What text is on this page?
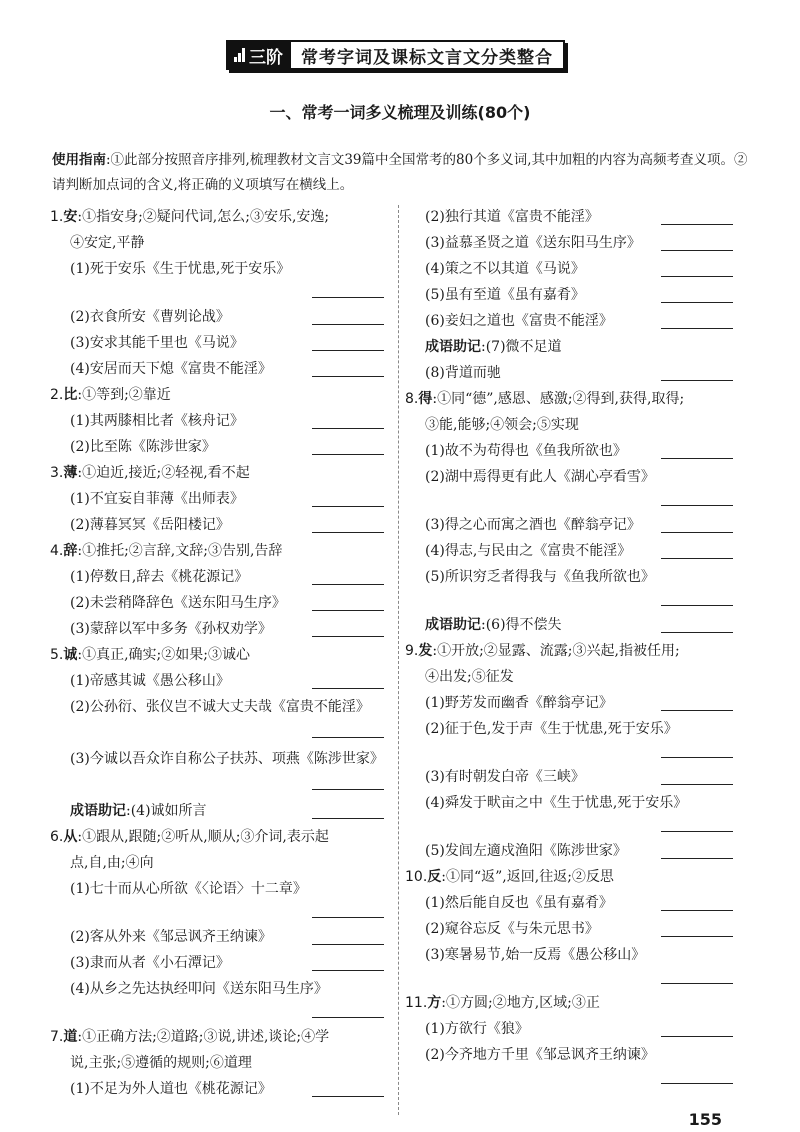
三阶	常考字词及课标文言文分类整合
一、常考一词多义梳理及训练(80个)
使用指南:①此部分按照音序排列,梳理教材文言文39篇中全国常考的80个多义词,其中加粗的内容为高频考查义项。②请判断加点词的含义,将正确的义项填写在横线上。
1.安:①指安身;②疑问代词,怎么;③安乐,安逸;
④安定,平静
(1)死于安乐《生于忧患,死于安乐》
(2)衣食所安《曹刿论战》
(3)安求其能千里也《马说》
(4)安居而天下熄《富贵不能淫》
2.比:①等到;②靠近
(1)其两膝相比者《核舟记》
(2)比至陈《陈涉世家》
3.薄:①迫近,接近;②轻视,看不起
(1)不宜妄自菲薄《出师表》
(2)薄暮冥冥《岳阳楼记》
4.辞:①推托;②言辞,文辞;③告别,告辞
(1)停数日,辞去《桃花源记》
(2)未尝稍降辞色《送东阳马生序》
(3)蒙辞以军中多务《孙权劝学》
5.诚:①真正,确实;②如果;③诚心
(1)帝感其诚《愚公移山》
(2)公孙衍、张仪岂不诚大丈夫哉《富贵不能淫》
(3)今诚以吾众诈自称公子扶苏、项燕《陈涉世家》
成语助记:(4)诚如所言
6.从:①跟从,跟随;②听从,顺从;③介词,表示起
点,自,由;④向
(1)七十而从心所欲《〈论语〉十二章》
(2)客从外来《邹忌讽齐王纳谏》
(3)隶而从者《小石潭记》
(4)从乡之先达执经叩问《送东阳马生序》
7.道:①正确方法;②道路;③说,讲述,谈论;④学
说,主张;⑤遵循的规则;⑥道理
(1)不足为外人道也《桃花源记》
(2)独行其道《富贵不能淫》
(3)益慕圣贤之道《送东阳马生序》
(4)策之不以其道《马说》
(5)虽有至道《虽有嘉肴》
(6)妾妇之道也《富贵不能淫》
成语助记:(7)微不足道
(8)背道而驰
8.得:①同“德”,感恩、感激;②得到,获得,取得;
③能,能够;④领会;⑤实现
(1)故不为苟得也《鱼我所欲也》
(2)湖中焉得更有此人《湖心亭看雪》
(3)得之心而寓之酒也《醉翁亭记》
(4)得志,与民由之《富贵不能淫》
(5)所识穷乏者得我与《鱼我所欲也》
成语助记:(6)得不偿失
9.发:①开放;②显露、流露;③兴起,指被任用;
④出发;⑤征发
(1)野芳发而幽香《醉翁亭记》
(2)征于色,发于声《生于忧患,死于安乐》
(3)有时朝发白帝《三峡》
(4)舜发于畎亩之中《生于忧患,死于安乐》
(5)发闾左適戍渔阳《陈涉世家》
10.反:①同“返”,返回,往返;②反思
(1)然后能自反也《虽有嘉肴》
(2)窥谷忘反《与朱元思书》
(3)寒暑易节,始一反焉《愚公移山》
11.方:①方圆;②地方,区域;③正
(1)方欲行《狼》
(2)今齐地方千里《邹忌讽齐王纳谏》
155
